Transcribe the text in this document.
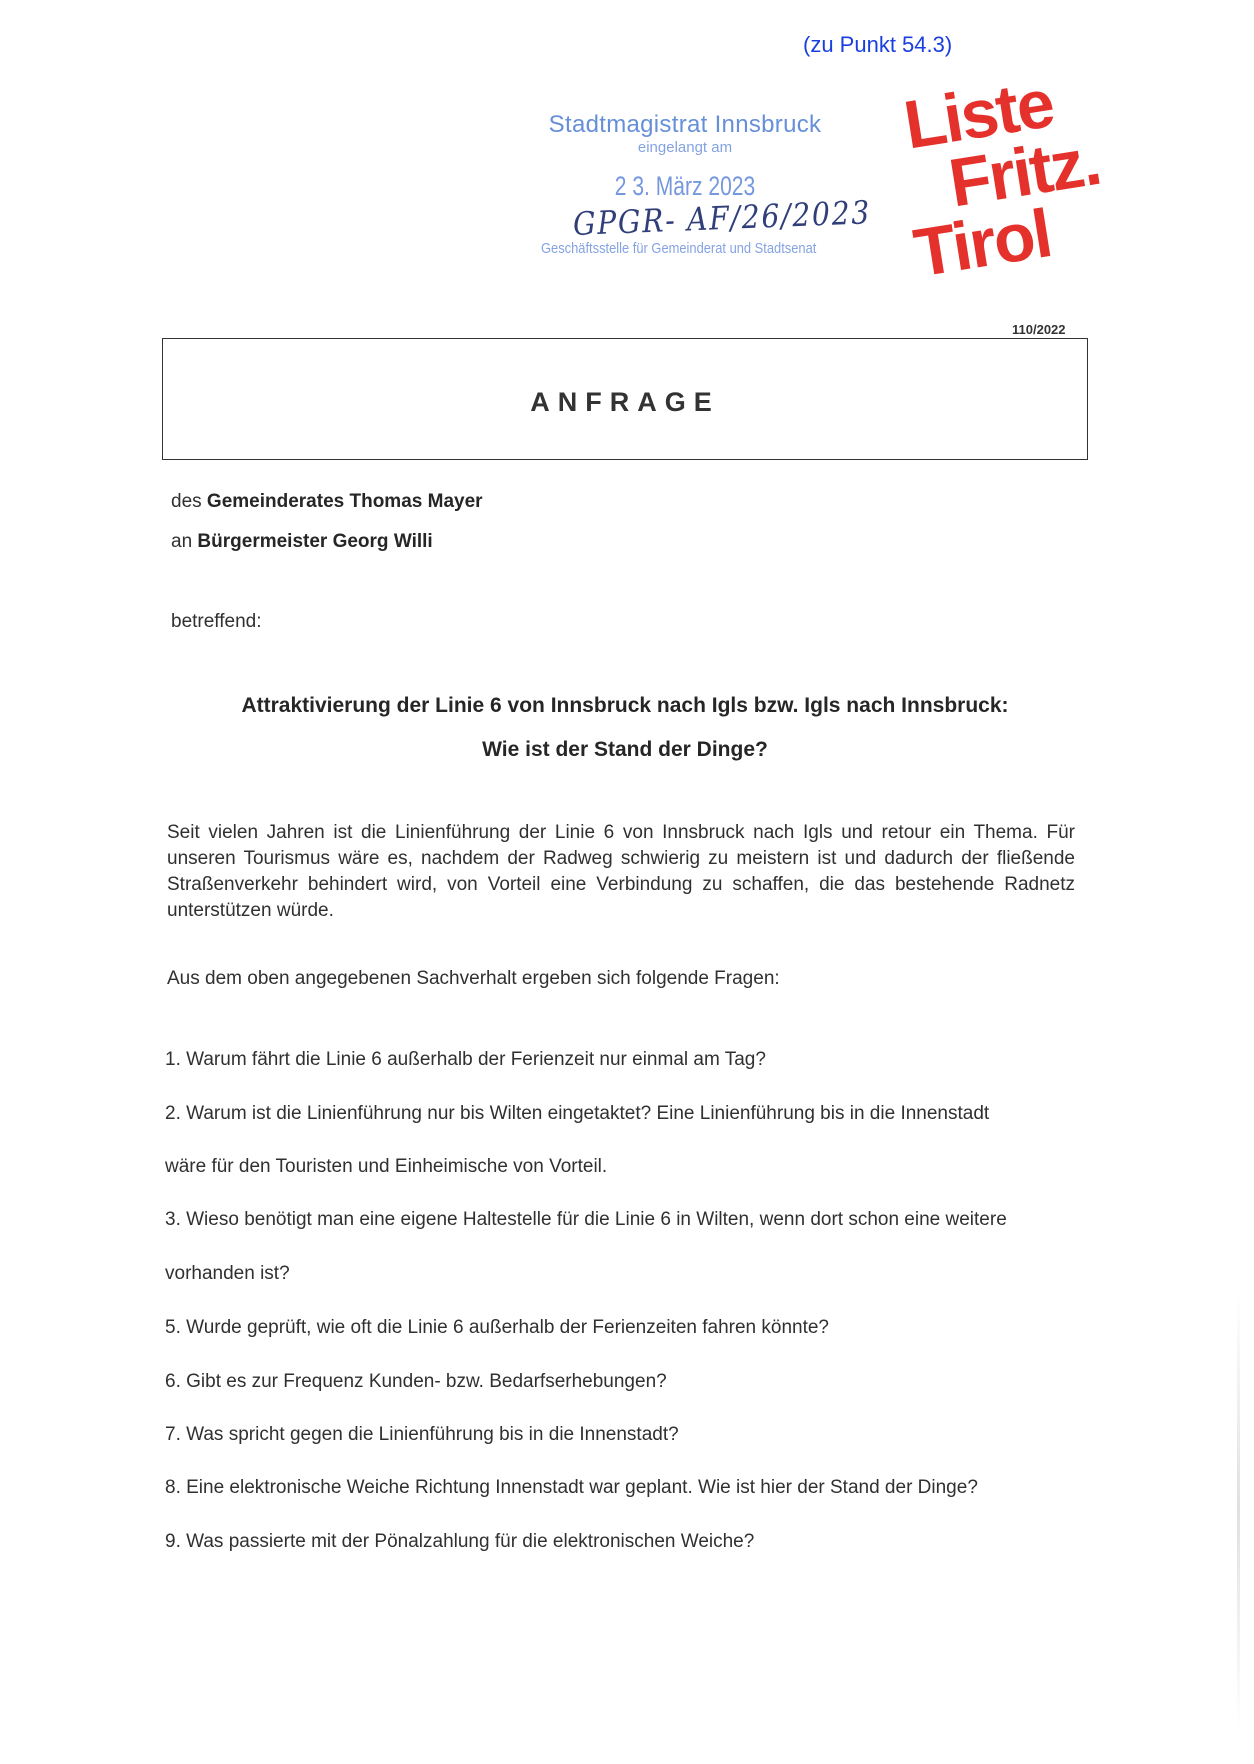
(zu Punkt 54.3)
Stadtmagistrat Innsbruck
eingelangt am
2 3. März 2023
GPGR- AF/26/2023
Geschäftsstelle für Gemeinderat und Stadtsenat
Liste
Fritz.
Tirol
110/2022
ANFRAGE
des Gemeinderates Thomas Mayer
an Bürgermeister Georg Willi
betreffend:
Attraktivierung der Linie 6 von Innsbruck nach Igls bzw. Igls nach Innsbruck:
Wie ist der Stand der Dinge?
Seit vielen Jahren ist die Linienführung der Linie 6 von Innsbruck nach Igls und retour ein Thema. Für unseren Tourismus wäre es, nachdem der Radweg schwierig zu meistern ist und dadurch der fließende Straßenverkehr behindert wird, von Vorteil eine Verbindung zu schaffen, die das bestehende Radnetz unterstützen würde.
Aus dem oben angegebenen Sachverhalt ergeben sich folgende Fragen:
1. Warum fährt die Linie 6 außerhalb der Ferienzeit nur einmal am Tag?
2. Warum ist die Linienführung nur bis Wilten eingetaktet? Eine Linienführung bis in die Innenstadt
wäre für den Touristen und Einheimische von Vorteil.
3. Wieso benötigt man eine eigene Haltestelle für die Linie 6 in Wilten, wenn dort schon eine weitere
vorhanden ist?
5. Wurde geprüft, wie oft die Linie 6 außerhalb der Ferienzeiten fahren könnte?
6. Gibt es zur Frequenz Kunden- bzw. Bedarfserhebungen?
7. Was spricht gegen die Linienführung bis in die Innenstadt?
8. Eine elektronische Weiche Richtung Innenstadt war geplant. Wie ist hier der Stand der Dinge?
9. Was passierte mit der Pönalzahlung für die elektronischen Weiche?
